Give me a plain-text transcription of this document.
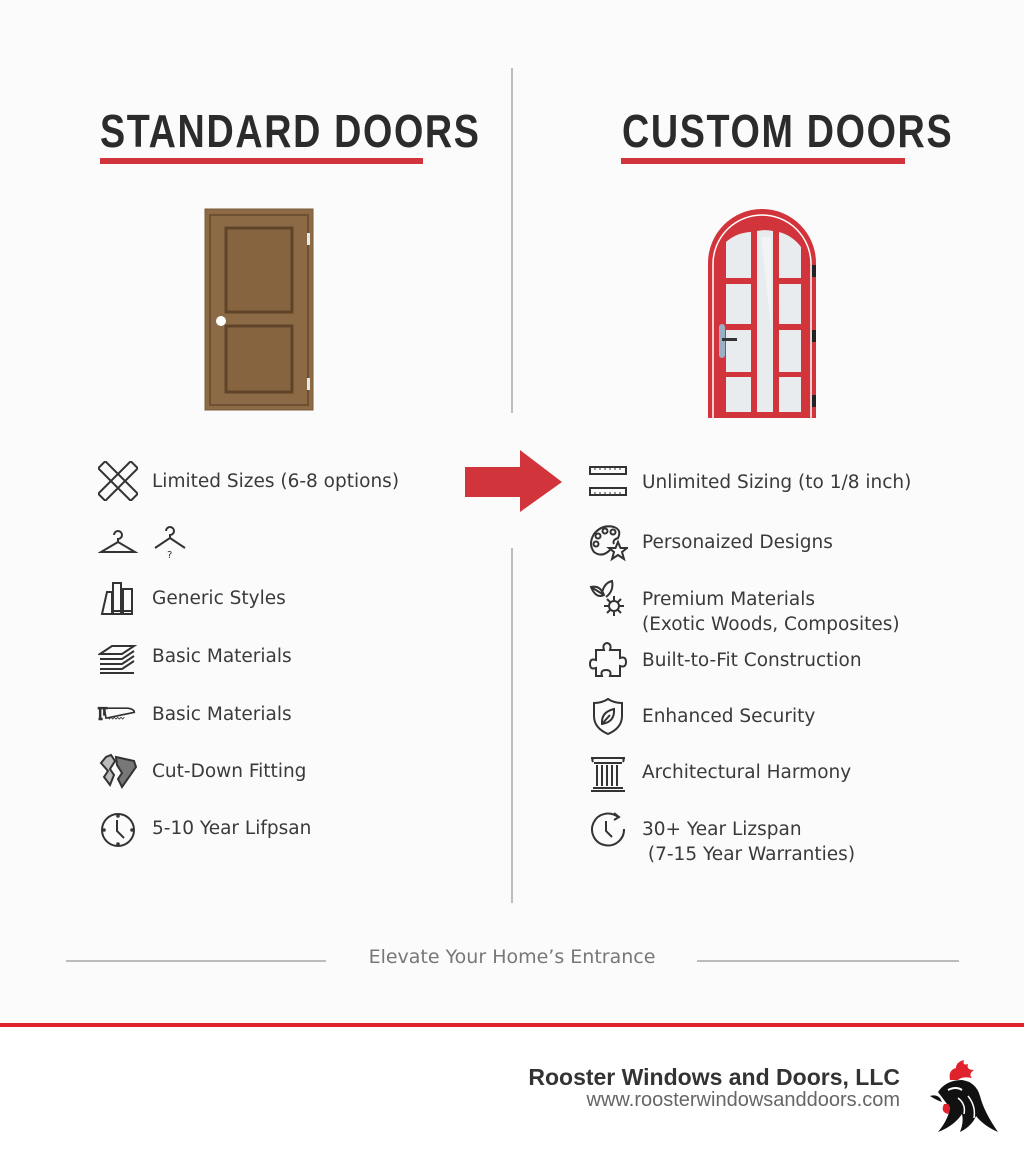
STANDARD DOORS	CUSTOM DOORS
Limited Sizes (6-8 options)
?
Generic Styles
Basic Materials
Basic Materials
Cut-Down Fitting
5-10 Year Lifpsan
Unlimited Sizing (to 1/8 inch)
Personaized Designs
Premium Materials
(Exotic Woods, Composites)
Built-to-Fit Construction
Enhanced Security
Architectural Harmony
30+ Year Lizspan
(7-15 Year Warranties)
Elevate Your Home’s Entrance
Rooster Windows and Doors, LLC
www.roosterwindowsanddoors.com
